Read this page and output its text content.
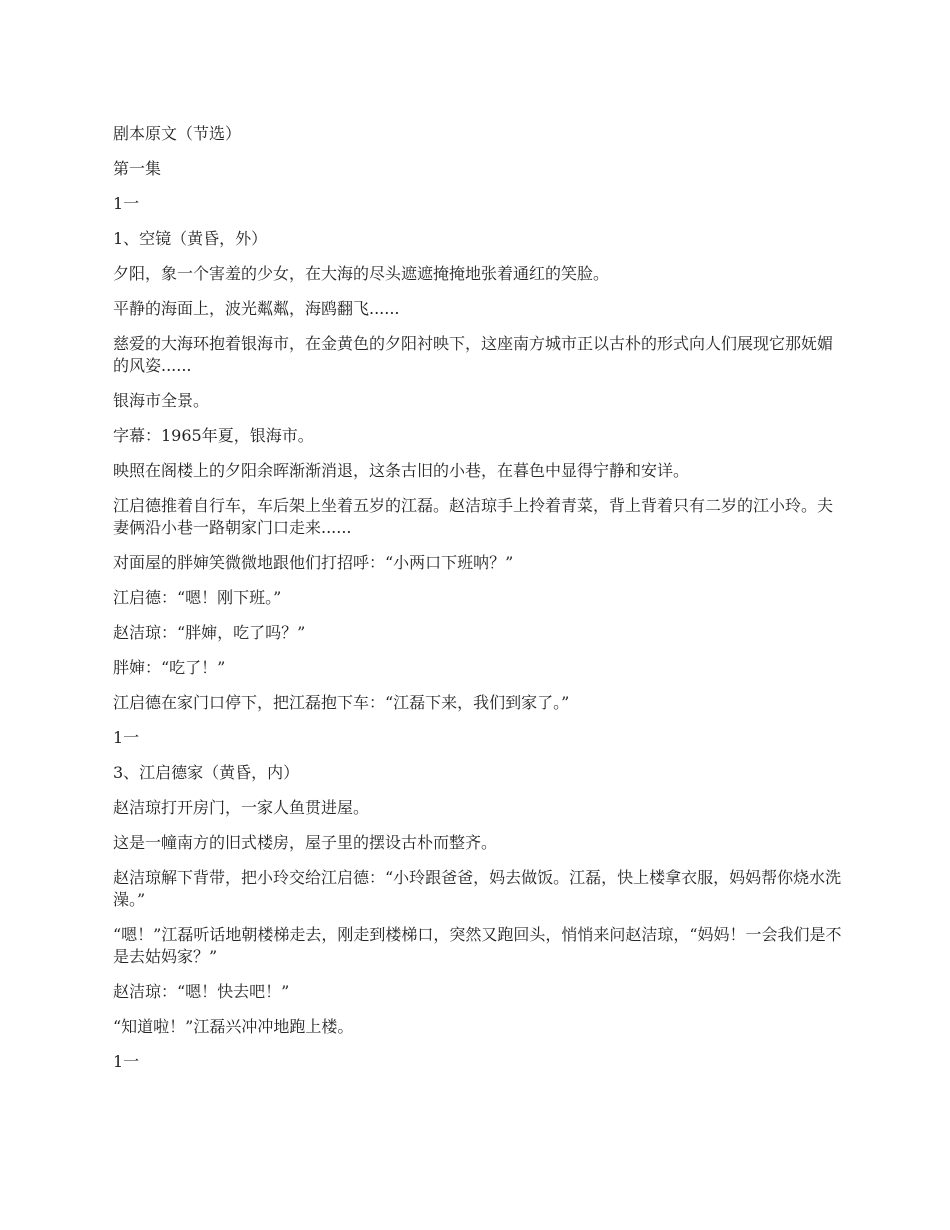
剧本原文（节选）

第一集

1一

1、空镜（黄昏，外）

夕阳，象一个害羞的少女，在大海的尽头遮遮掩掩地张着通红的笑脸。

平静的海面上，波光粼粼，海鸥翻飞......

慈爱的大海环抱着银海市，在金黄色的夕阳衬映下，这座南方城市正以古朴的形式向人们展现它那妩媚的风姿......

银海市全景。

字幕：1965年夏，银海市。

映照在阁楼上的夕阳余晖渐渐消退，这条古旧的小巷，在暮色中显得宁静和安详。

江启德推着自行车，车后架上坐着五岁的江磊。赵洁琼手上拎着青菜，背上背着只有二岁的江小玲。夫妻俩沿小巷一路朝家门口走来......

对面屋的胖婶笑微微地跟他们打招呼：“小两口下班呐？”

江启德：“嗯！刚下班。”

赵洁琼：“胖婶，吃了吗？”

胖婶：“吃了！”

江启德在家门口停下，把江磊抱下车：“江磊下来，我们到家了。”

1一

3、江启德家（黄昏，内）

赵洁琼打开房门，一家人鱼贯进屋。

这是一幢南方的旧式楼房，屋子里的摆设古朴而整齐。

赵洁琼解下背带，把小玲交给江启德：“小玲跟爸爸，妈去做饭。江磊，快上楼拿衣服，妈妈帮你烧水洗澡。”

“嗯！”江磊听话地朝楼梯走去，刚走到楼梯口，突然又跑回头，悄悄来问赵洁琼，“妈妈！一会我们是不是去姑妈家？”

赵洁琼：“嗯！快去吧！”

“知道啦！”江磊兴冲冲地跑上楼。

1一
